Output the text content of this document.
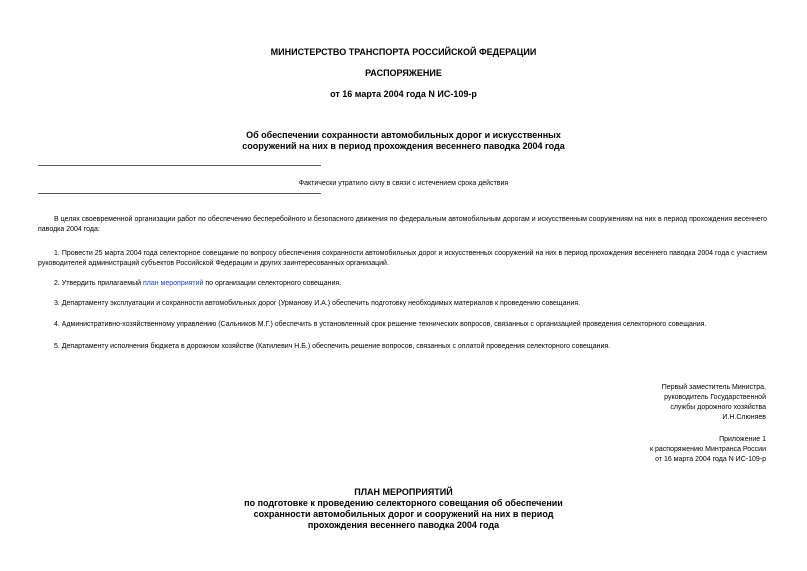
МИНИСТЕРСТВО ТРАНСПОРТА РОССИЙСКОЙ ФЕДЕРАЦИИ
РАСПОРЯЖЕНИЕ
от 16 марта 2004 года N ИС-109-р
Об обеспечении сохранности автомобильных дорог и искусственных
сооружений на них в период прохождения весеннего паводка 2004 года
Фактически утратило силу в связи с истечением срока действия
В целях своевременной организации работ по обеспечению бесперебойного и безопасного движения по федеральным автомобильным дорогам и искусственным сооружениям на них в период прохождения весеннего паводка 2004 года:
1. Провести 25 марта 2004 года селекторное совещание по вопросу обеспечения сохранности автомобильных дорог и искусственных сооружений на них в период прохождения весеннего паводка 2004 года с участием руководителей администраций субъектов Российской Федерации и других заинтересованных организаций.
2. Утвердить прилагаемый план мероприятий по организации селекторного совещания.
3. Департаменту эксплуатации и сохранности автомобильных дорог (Урманову И.А.) обеспечить подготовку необходимых материалов к проведению совещания.
4. Административно-хозяйственному управлению (Сальников М.Г.) обеспечить в установленный срок решение технических вопросов, связанных с организацией проведения селекторного совещания.
5. Департаменту исполнения бюджета в дорожном хозяйстве (Катилевич Н.Б.) обеспечить решение вопросов, связанных с оплатой проведения селекторного совещания.
Первый заместитель Министра,
руководитель Государственной
службы дорожного хозяйства
И.Н.Слюняев
Приложение 1
к распоряжению Минтранса России
от 16 марта 2004 года N ИС-109-р
ПЛАН МЕРОПРИЯТИЙ
по подготовке к проведению селекторного совещания об обеспечении
сохранности автомобильных дорог и сооружений на них в период
прохождения весеннего паводка 2004 года
